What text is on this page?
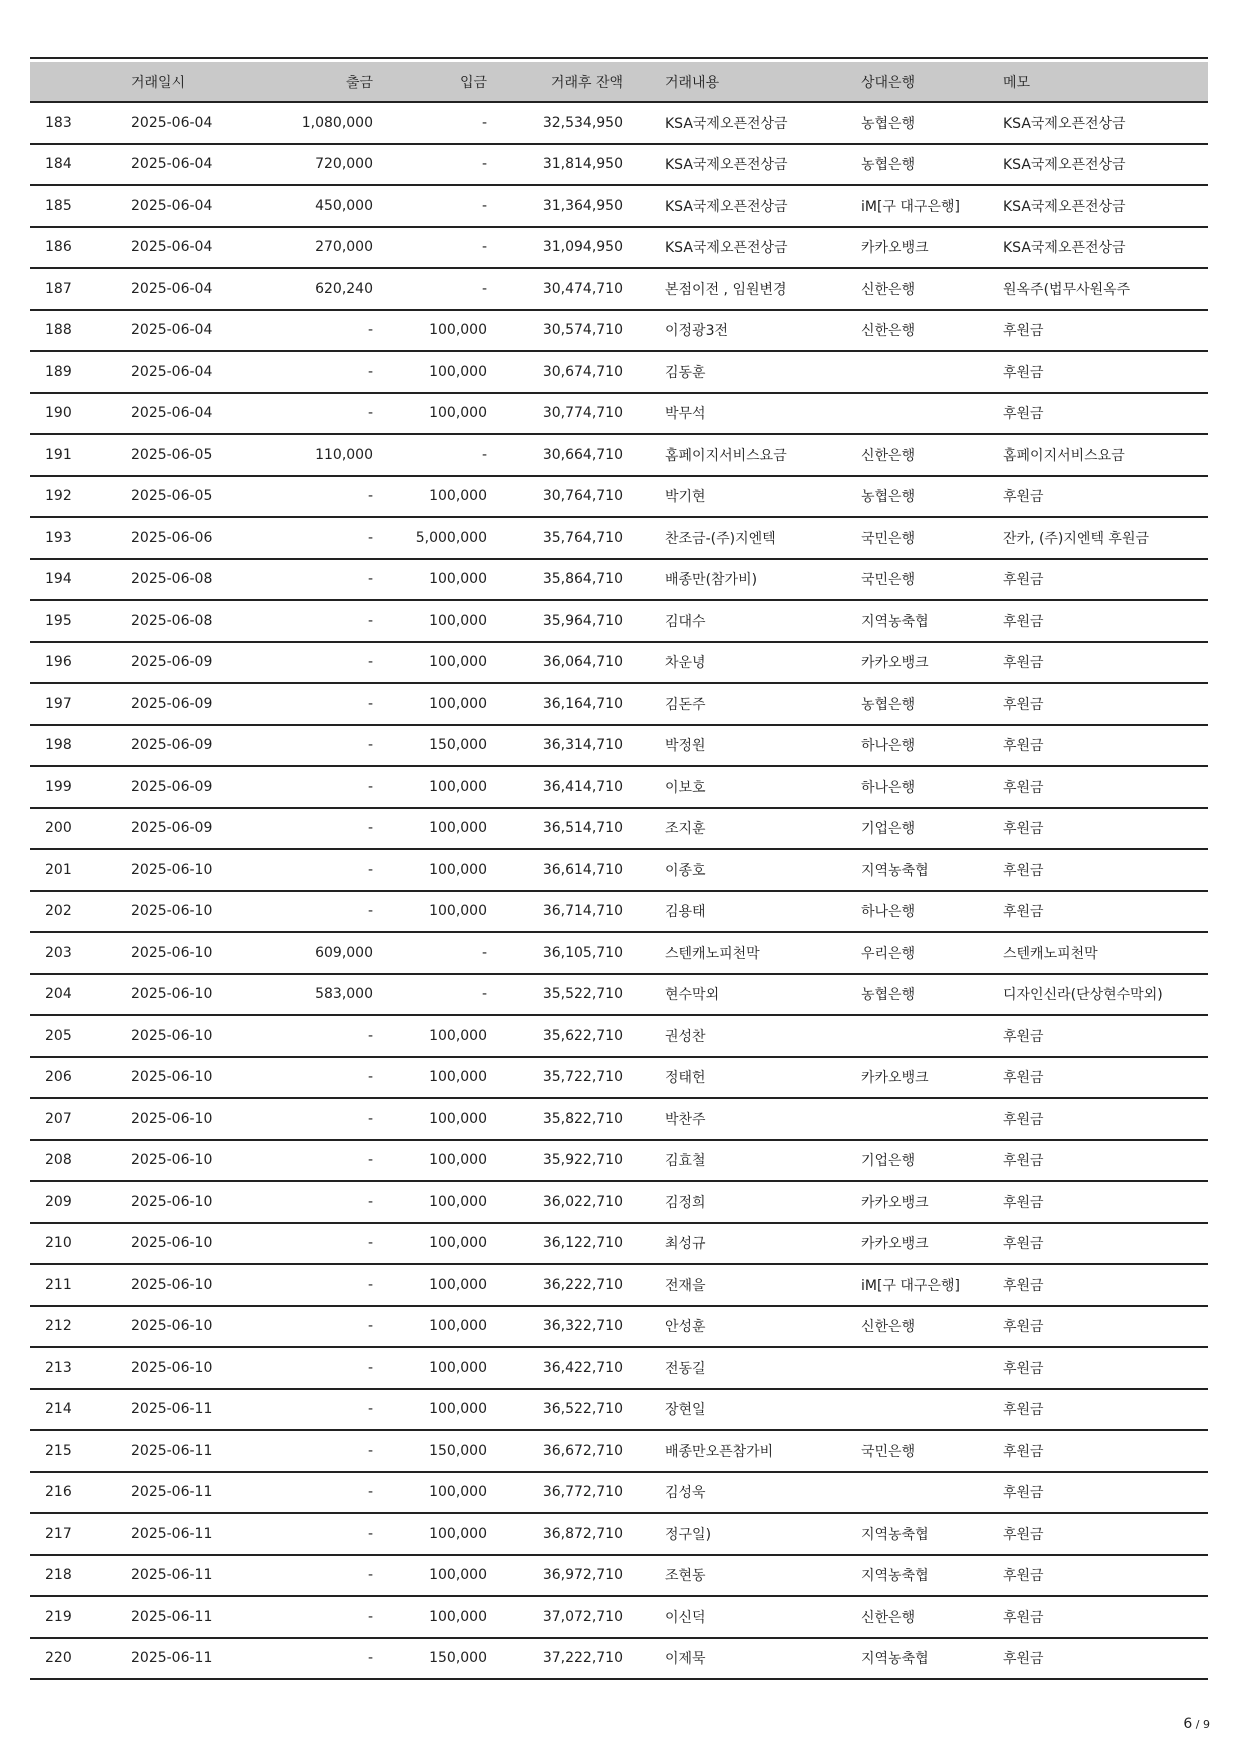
	거래일시	출금	입금	거래후 잔액	거래내용	상대은행	메모
183	2025-06-04	1,080,000	-	32,534,950	KSA국제오픈전상금	농협은행	KSA국제오픈전상금
184	2025-06-04	720,000	-	31,814,950	KSA국제오픈전상금	농협은행	KSA국제오픈전상금
185	2025-06-04	450,000	-	31,364,950	KSA국제오픈전상금	iM[구 대구은행]	KSA국제오픈전상금
186	2025-06-04	270,000	-	31,094,950	KSA국제오픈전상금	카카오뱅크	KSA국제오픈전상금
187	2025-06-04	620,240	-	30,474,710	본점이전 , 임원변경	신한은행	원옥주(법무사원옥주
188	2025-06-04	-	100,000	30,574,710	이정광3전	신한은행	후원금
189	2025-06-04	-	100,000	30,674,710	김동훈		후원금
190	2025-06-04	-	100,000	30,774,710	박무석		후원금
191	2025-06-05	110,000	-	30,664,710	홈페이지서비스요금	신한은행	홈페이지서비스요금
192	2025-06-05	-	100,000	30,764,710	박기현	농협은행	후원금
193	2025-06-06	-	5,000,000	35,764,710	찬조금-(주)지엔텍	국민은행	잔카, (주)지엔텍 후원금
194	2025-06-08	-	100,000	35,864,710	배종만(참가비)	국민은행	후원금
195	2025-06-08	-	100,000	35,964,710	김대수	지역농축협	후원금
196	2025-06-09	-	100,000	36,064,710	차운녕	카카오뱅크	후원금
197	2025-06-09	-	100,000	36,164,710	김돈주	농협은행	후원금
198	2025-06-09	-	150,000	36,314,710	박정원	하나은행	후원금
199	2025-06-09	-	100,000	36,414,710	이보호	하나은행	후원금
200	2025-06-09	-	100,000	36,514,710	조지훈	기업은행	후원금
201	2025-06-10	-	100,000	36,614,710	이종호	지역농축협	후원금
202	2025-06-10	-	100,000	36,714,710	김용태	하나은행	후원금
203	2025-06-10	609,000	-	36,105,710	스텐캐노피천막	우리은행	스텐캐노피천막
204	2025-06-10	583,000	-	35,522,710	현수막외	농협은행	디자인신라(단상현수막외)
205	2025-06-10	-	100,000	35,622,710	권성찬		후원금
206	2025-06-10	-	100,000	35,722,710	정태헌	카카오뱅크	후원금
207	2025-06-10	-	100,000	35,822,710	박찬주		후원금
208	2025-06-10	-	100,000	35,922,710	김효철	기업은행	후원금
209	2025-06-10	-	100,000	36,022,710	김정희	카카오뱅크	후원금
210	2025-06-10	-	100,000	36,122,710	최성규	카카오뱅크	후원금
211	2025-06-10	-	100,000	36,222,710	전재을	iM[구 대구은행]	후원금
212	2025-06-10	-	100,000	36,322,710	안성훈	신한은행	후원금
213	2025-06-10	-	100,000	36,422,710	전동길		후원금
214	2025-06-11	-	100,000	36,522,710	장현일		후원금
215	2025-06-11	-	150,000	36,672,710	배종만오픈참가비	국민은행	후원금
216	2025-06-11	-	100,000	36,772,710	김성욱		후원금
217	2025-06-11	-	100,000	36,872,710	정구일)	지역농축협	후원금
218	2025-06-11	-	100,000	36,972,710	조현동	지역농축협	후원금
219	2025-06-11	-	100,000	37,072,710	이신덕	신한은행	후원금
220	2025-06-11	-	150,000	37,222,710	이제묵	지역농축협	후원금
6 / 9
